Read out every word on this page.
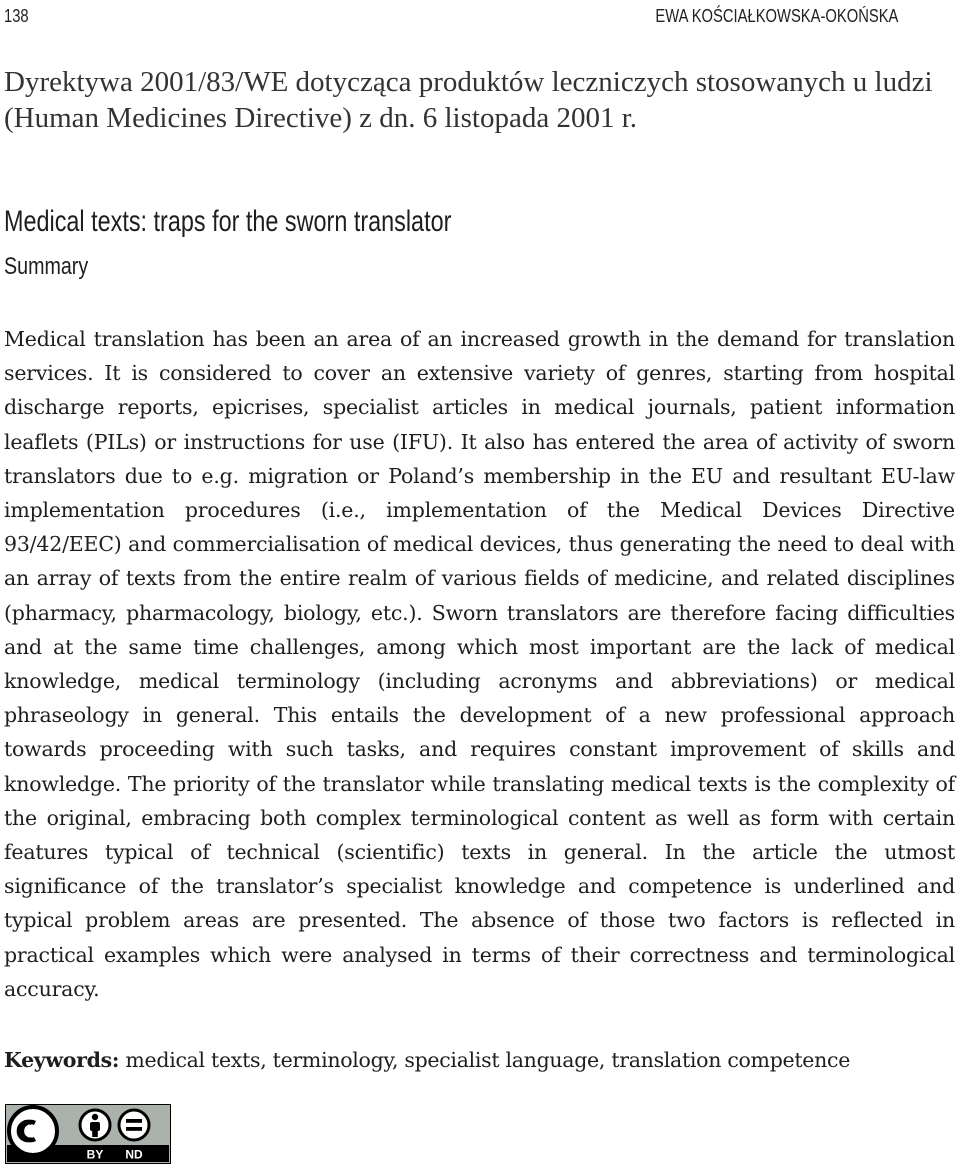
138	EWA KOŚCIAŁKOWSKA-OKOŃSKA
Dyrektywa 2001/83/WE dotycząca produktów leczniczych stosowanych u ludzi (Human Medicines Directive) z dn. 6 listopada 2001 r.
Medical texts: traps for the sworn translator
Summary
Medical translation has been an area of an increased growth in the demand for translation services. It is considered to cover an extensive variety of genres, starting from hospital discharge reports, epicrises, specialist articles in medical journals, patient information leaflets (PILs) or instructions for use (IFU). It also has entered the area of activity of sworn translators due to e.g. migration or Poland’s membership in the EU and resultant EU-law implementation procedures (i.e., implementation of the Medical Devices Directive 93/42/EEC) and commercialisation of medical devices, thus generating the need to deal with an array of texts from the entire realm of various fields of medicine, and related disciplines (pharmacy, pharmacology, biology, etc.). Sworn translators are therefore facing difficulties and at the same time challenges, among which most important are the lack of medical knowledge, medical terminology (including acronyms and abbreviations) or medical phraseology in general. This entails the development of a new professional approach towards proceeding with such tasks, and requires constant improvement of skills and knowledge. The priority of the translator while translating medical texts is the complexity of the original, embracing both complex terminological content as well as form with certain features typical of technical (scientific) texts in general. In the article the utmost significance of the translator’s specialist knowledge and competence is underlined and typical problem areas are presented. The absence of those two factors is reflected in practical examples which were analysed in terms of their correctness and terminological accuracy.
Keywords: medical texts, terminology, specialist language, translation competence
BY ND
